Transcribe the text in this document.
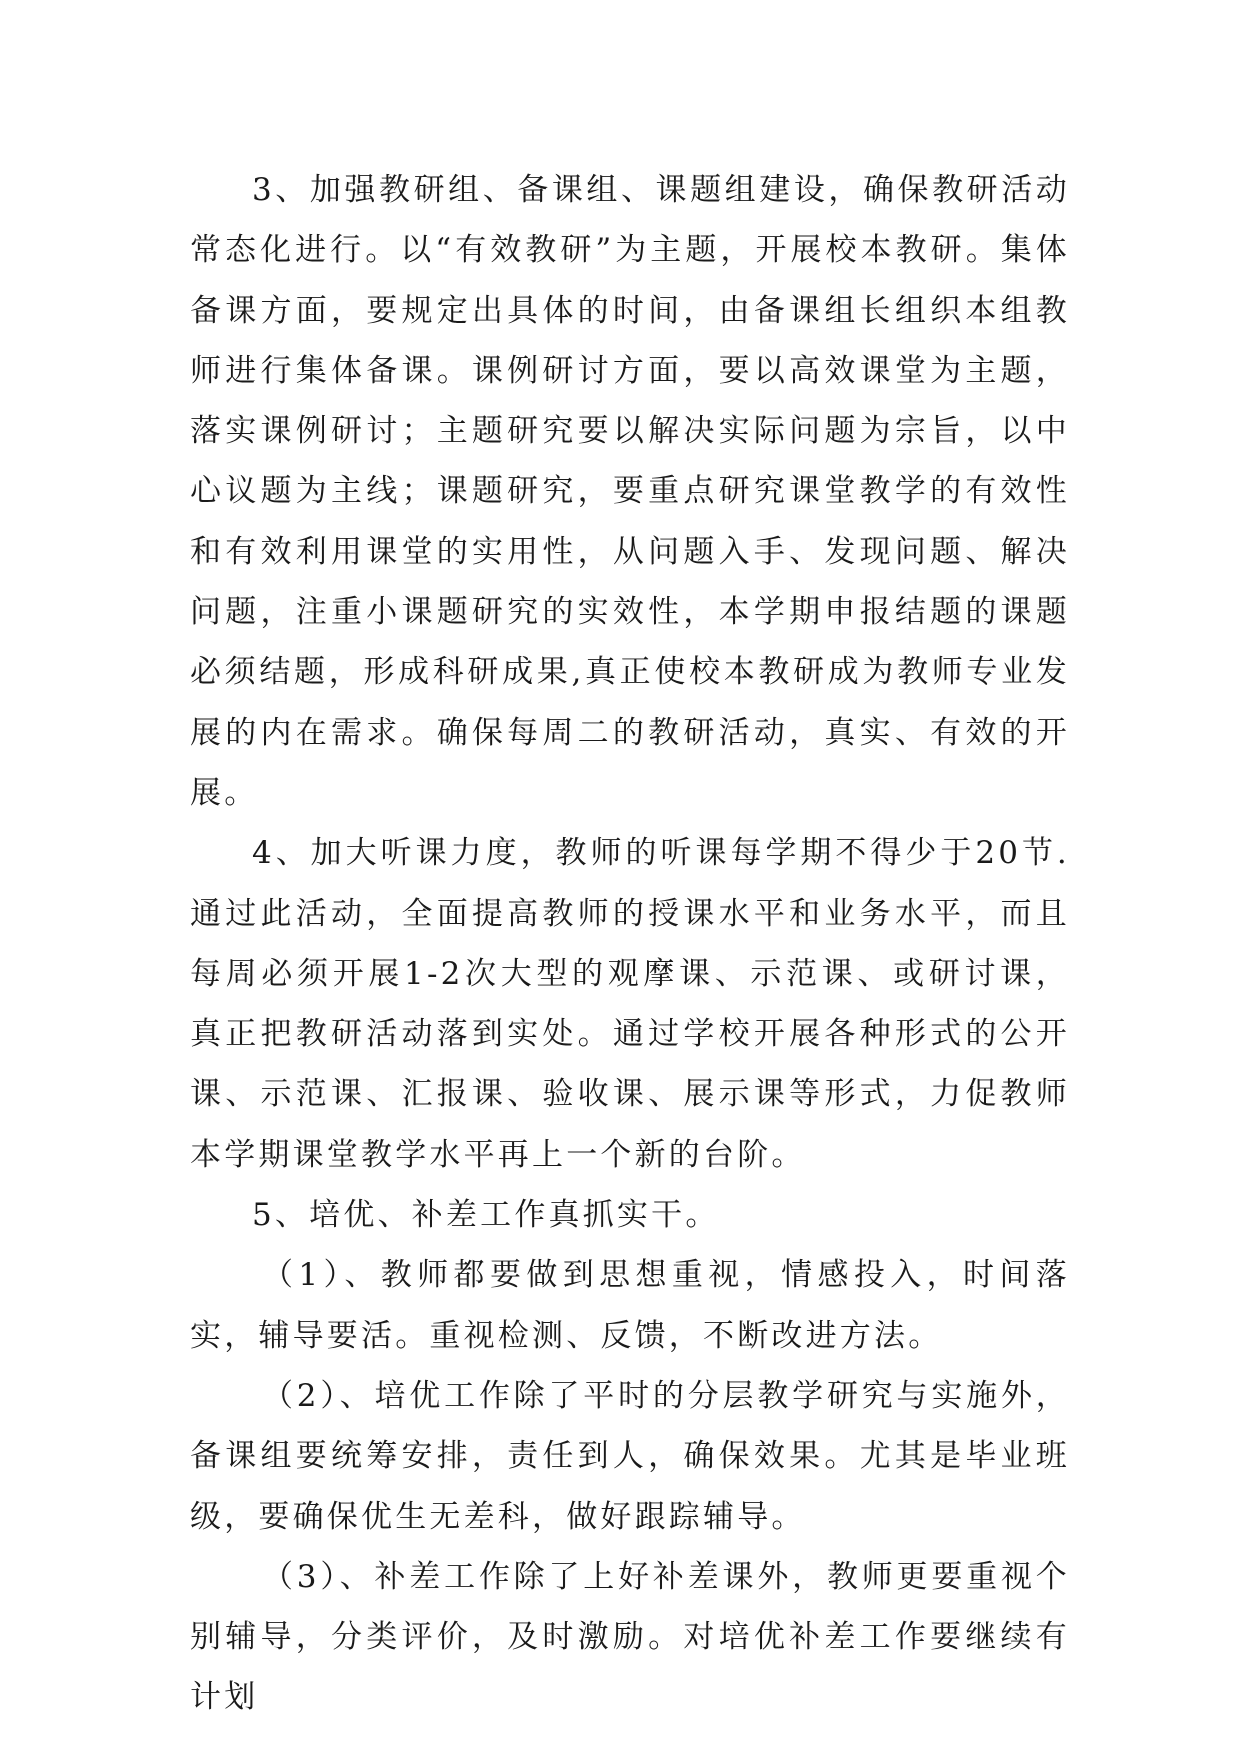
3、加强教研组、备课组、课题组建设，确保教研活动常态化进行。以“有效教研”为主题，开展校本教研。集体备课方面，要规定出具体的时间，由备课组长组织本组教师进行集体备课。课例研讨方面，要以高效课堂为主题，落实课例研讨；主题研究要以解决实际问题为宗旨，以中心议题为主线；课题研究，要重点研究课堂教学的有效性和有效利用课堂的实用性，从问题入手、发现问题、解决问题，注重小课题研究的实效性，本学期申报结题的课题必须结题，形成科研成果,真正使校本教研成为教师专业发展的内在需求。确保每周二的教研活动，真实、有效的开展。

4、加大听课力度，教师的听课每学期不得少于20节.通过此活动，全面提高教师的授课水平和业务水平，而且每周必须开展1-2次大型的观摩课、示范课、或研讨课，真正把教研活动落到实处。通过学校开展各种形式的公开课、示范课、汇报课、验收课、展示课等形式，力促教师本学期课堂教学水平再上一个新的台阶。

5、培优、补差工作真抓实干。

（1）、教师都要做到思想重视，情感投入，时间落实，辅导要活。重视检测、反馈，不断改进方法。

（2）、培优工作除了平时的分层教学研究与实施外，备课组要统筹安排，责任到人，确保效果。尤其是毕业班级，要确保优生无差科，做好跟踪辅导。

（3）、补差工作除了上好补差课外，教师更要重视个别辅导，分类评价，及时激励。对培优补差工作要继续有计划
